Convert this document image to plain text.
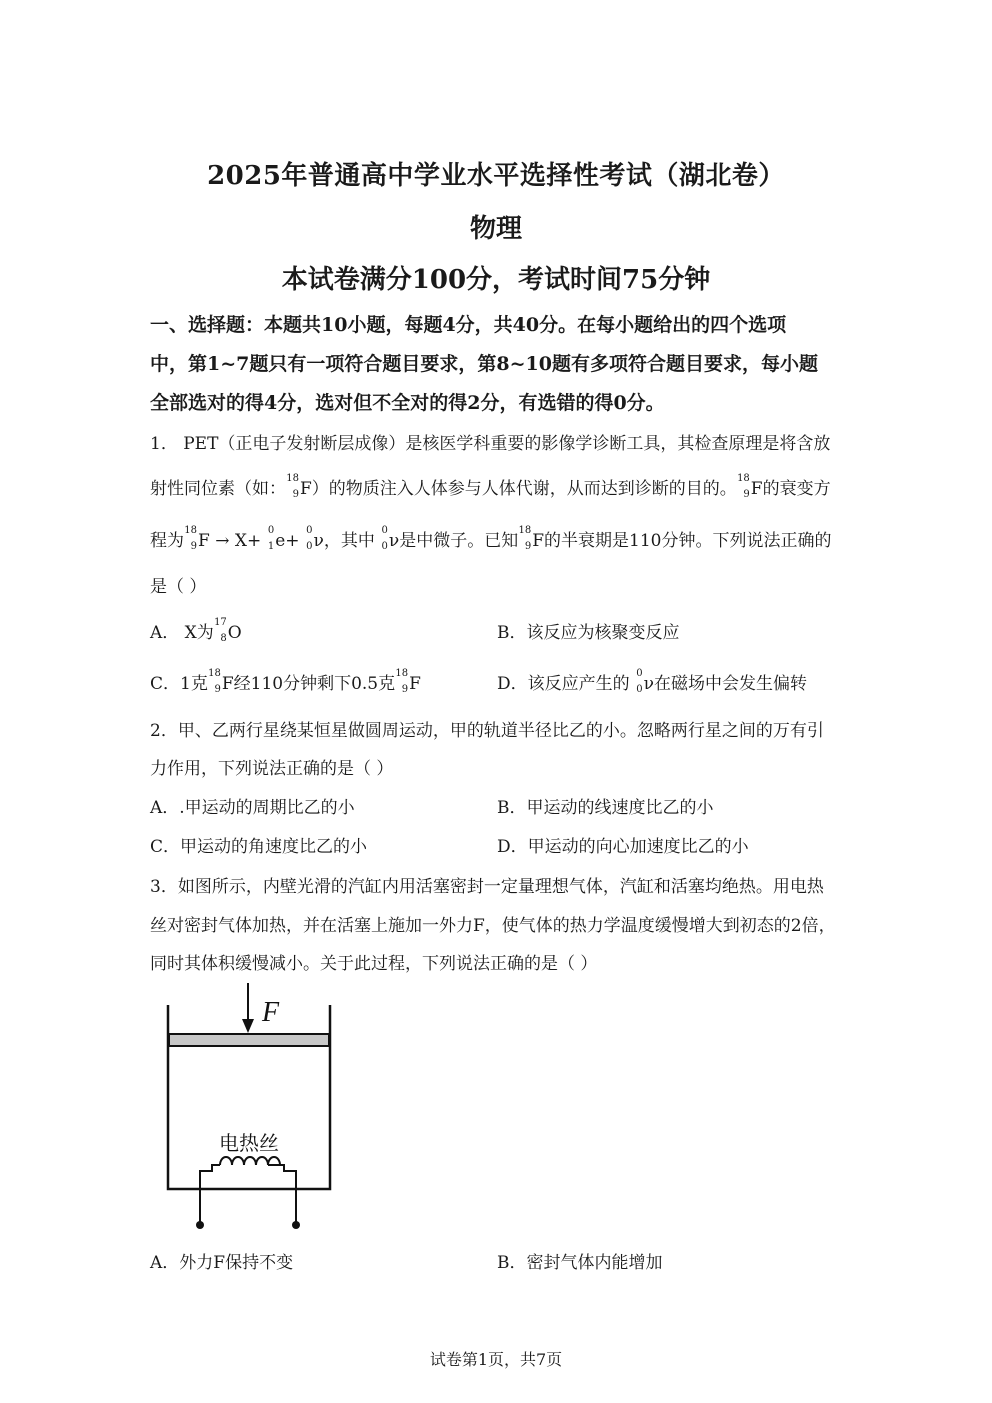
2025年普通高中学业水平选择性考试（湖北卷）
物理
本试卷满分100分，考试时间75分钟
一、选择题：本题共10小题，每题4分，共40分。在每小题给出的四个选项
中，第1~7题只有一项符合题目要求，第8~10题有多项符合题目要求，每小题
全部选对的得4分，选对但不全对的得2分，有选错的得0分。
1． PET（正电子发射断层成像）是核医学科重要的影像学诊断工具，其检查原理是将含放
射性同位素（如：
18
9 F）的物质注入人体参与人体代谢，从而达到诊断的目的。
18
9 F的衰变方
程为
18
9 F → X+
0
1 e+
0
0 ν，其中
0
0 ν是中微子。已知
18
9 F的半衰期是110分钟。下列说法正确的
是（ ）
A． X为
17
8 O	B．该反应为核聚变反应
C．1克
18
9 F经110分钟剩下0.5克
18
9 F	D．该反应产生的
0
0 ν在磁场中会发生偏转
2．甲、乙两行星绕某恒星做圆周运动，甲的轨道半径比乙的小。忽略两行星之间的万有引
力作用，下列说法正确的是（ ）
A．.甲运动的周期比乙的小	B．甲运动的线速度比乙的小
C．甲运动的角速度比乙的小	D．甲运动的向心加速度比乙的小
3．如图所示，内壁光滑的汽缸内用活塞密封一定量理想气体，汽缸和活塞均绝热。用电热
丝对密封气体加热，并在活塞上施加一外力F，使气体的热力学温度缓慢增大到初态的2倍，
同时其体积缓慢减小。关于此过程，下列说法正确的是（ ）
F
电热丝
A．外力F保持不变	B．密封气体内能增加
试卷第1页，共7页
